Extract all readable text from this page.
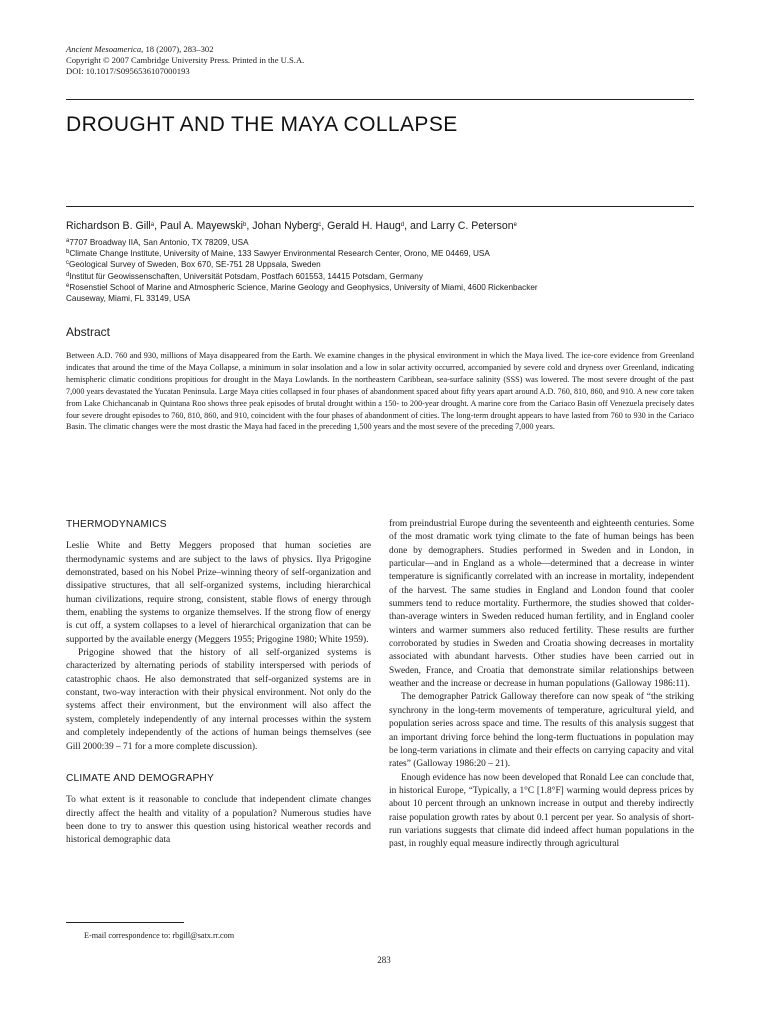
Ancient Mesoamerica, 18 (2007), 283–302
Copyright © 2007 Cambridge University Press. Printed in the U.S.A.
DOI: 10.1017/S0956536107000193
DROUGHT AND THE MAYA COLLAPSE
Richardson B. Gill$^a$, Paul A. Mayewski$^b$, Johan Nyberg$^c$, Gerald H. Haug$^d$, and Larry C. Peterson$^e$
$^a$7707 Broadway IIA, San Antonio, TX 78209, USA
$^b$Climate Change Institute, University of Maine, 133 Sawyer Environmental Research Center, Orono, ME 04469, USA
$^c$Geological Survey of Sweden, Box 670, SE-751 28 Uppsala, Sweden
$^d$Institut für Geowissenschaften, Universität Potsdam, Postfach 601553, 14415 Potsdam, Germany
$^e$Rosenstiel School of Marine and Atmospheric Science, Marine Geology and Geophysics, University of Miami, 4600 Rickenbacker
Causeway, Miami, FL 33149, USA
Abstract
Between A.D. 760 and 930, millions of Maya disappeared from the Earth. We examine changes in the physical environment in which the Maya lived. The ice-core evidence from Greenland indicates that around the time of the Maya Collapse, a minimum in solar insolation and a low in solar activity occurred, accompanied by severe cold and dryness over Greenland, indicating hemispheric climatic conditions propitious for drought in the Maya Lowlands. In the northeastern Caribbean, sea-surface salinity (SSS) was lowered. The most severe drought of the past 7,000 years devastated the Yucatan Peninsula. Large Maya cities collapsed in four phases of abandonment spaced about fifty years apart around A.D. 760, 810, 860, and 910. A new core taken from Lake Chichancanab in Quintana Roo shows three peak episodes of brutal drought within a 150- to 200-year drought. A marine core from the Cariaco Basin off Venezuela precisely dates four severe drought episodes to 760, 810, 860, and 910, coincident with the four phases of abandonment of cities. The long-term drought appears to have lasted from 760 to 930 in the Cariaco Basin. The climatic changes were the most drastic the Maya had faced in the preceding 1,500 years and the most severe of the preceding 7,000 years.
THERMODYNAMICS

Leslie White and Betty Meggers proposed that human societies are thermodynamic systems and are subject to the laws of physics. Ilya Prigogine demonstrated, based on his Nobel Prize–winning theory of self-organization and dissipative structures, that all self-organized systems, including hierarchical human civilizations, require strong, consistent, stable flows of energy through them, enabling the systems to organize themselves. If the strong flow of energy is cut off, a system collapses to a level of hierarchical organization that can be supported by the available energy (Meggers 1955; Prigogine 1980; White 1959).

Prigogine showed that the history of all self-organized systems is characterized by alternating periods of stability interspersed with periods of catastrophic chaos. He also demonstrated that self-organized systems are in constant, two-way interaction with their physical environment. Not only do the systems affect their environment, but the environment will also affect the system, completely independently of any internal processes within the system and completely independently of the actions of human beings themselves (see Gill 2000:39 – 71 for a more complete discussion).

CLIMATE AND DEMOGRAPHY

To what extent is it reasonable to conclude that independent climate changes directly affect the health and vitality of a population? Numerous studies have been done to try to answer this question using historical weather records and historical demographic data

from preindustrial Europe during the seventeenth and eighteenth centuries. Some of the most dramatic work tying climate to the fate of human beings has been done by demographers. Studies performed in Sweden and in London, in particular—and in England as a whole—determined that a decrease in winter temperature is significantly correlated with an increase in mortality, independent of the harvest. The same studies in England and London found that cooler summers tend to reduce mortality. Furthermore, the studies showed that colder-than-average winters in Sweden reduced human fertility, and in England cooler winters and warmer summers also reduced fertility. These results are further corroborated by studies in Sweden and Croatia showing decreases in mortality associated with abundant harvests. Other studies have been carried out in Sweden, France, and Croatia that demonstrate similar relationships between weather and the increase or decrease in human populations (Galloway 1986:11).

The demographer Patrick Galloway therefore can now speak of “the striking synchrony in the long-term movements of temperature, agricultural yield, and population series across space and time. The results of this analysis suggest that an important driving force behind the long-term fluctuations in population may be long-term variations in climate and their effects on carrying capacity and vital rates” (Galloway 1986:20 – 21).

Enough evidence has now been developed that Ronald Lee can conclude that, in historical Europe, “Typically, a 1°C [1.8°F] warming would depress prices by about 10 percent through an unknown increase in output and thereby indirectly raise population growth rates by about 0.1 percent per year. So analysis of short-run variations suggests that climate did indeed affect human populations in the past, in roughly equal measure indirectly through agricultural

E-mail correspondence to: rbgill@satx.rr.com
283
